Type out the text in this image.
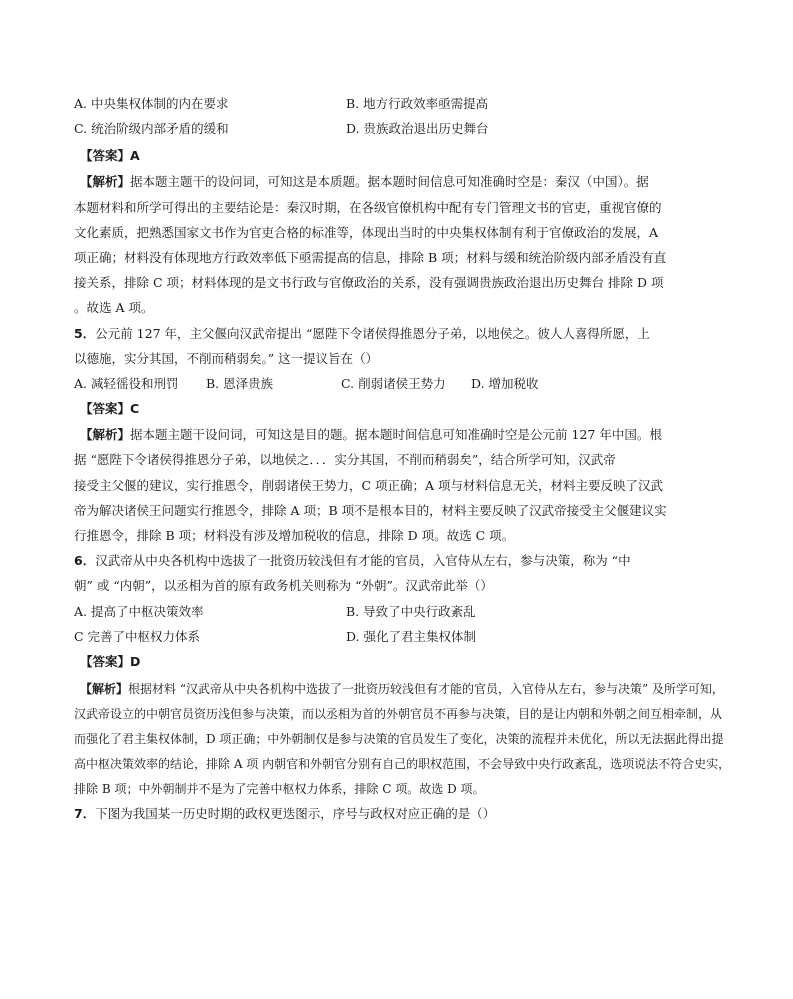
A. 中央集权体制的内在要求	B. 地方行政效率亟需提高
C. 统治阶级内部矛盾的缓和	D. 贵族政治退出历史舞台
【答案】A
【解析】据本题主题干的设问词，可知这是本质题。据本题时间信息可知准确时空是：秦汉（中国）。据
本题材料和所学可得出的主要结论是：秦汉时期，在各级官僚机构中配有专门管理文书的官吏，重视官僚的
文化素质，把熟悉国家文书作为官吏合格的标准等，体现出当时的中央集权体制有利于官僚政治的发展，A
项正确；材料没有体现地方行政效率低下亟需提高的信息，排除 B 项；材料与缓和统治阶级内部矛盾没有直
接关系，排除 C 项；材料体现的是文书行政与官僚政治的关系，没有强调贵族政治退出历史舞台 排除 D 项
。故选 A 项。
5．公元前 127 年，主父偃向汉武帝提出 “愿陛下令诸侯得推恩分子弟，以地侯之。彼人人喜得所愿，上
以德施，实分其国，不削而稍弱矣。” 这一提议旨在（）
A. 减轻徭役和刑罚 B. 恩泽贵族	C. 削弱诸侯王势力 D. 增加税收
【答案】C
【解析】据本题主题干设问词，可知这是目的题。据本题时间信息可知准确时空是公元前 127 年中国。根
据 “愿陛下令诸侯得推恩分子弟，以地侯之．．．实分其国，不削而稍弱矣”，结合所学可知，汉武帝
接受主父偃的建议，实行推恩令，削弱诸侯王势力，C 项正确；A 项与材料信息无关，材料主要反映了汉武
帝为解决诸侯王问题实行推恩令，排除 A 项；B 项不是根本目的，材料主要反映了汉武帝接受主父偃建议实
行推恩令，排除 B 项；材料没有涉及增加税收的信息，排除 D 项。故选 C 项。
6．汉武帝从中央各机构中选拔了一批资历较浅但有才能的官员，入官侍从左右，参与决策，称为 “中
朝” 或 “内朝”，以丞相为首的原有政务机关则称为 “外朝”。汉武帝此举（）
A. 提高了中枢决策效率	B. 导致了中央行政紊乱
C 完善了中枢权力体系	D. 强化了君主集权体制
【答案】D
【解析】根据材料 “汉武帝从中央各机构中选拔了一批资历较浅但有才能的官员，入官侍从左右，参与决策” 及所学可知，
汉武帝设立的中朝官员资历浅但参与决策，而以丞相为首的外朝官员不再参与决策，目的是让内朝和外朝之间互相牵制，从
而强化了君主集权体制，D 项正确；中外朝制仅是参与决策的官员发生了变化，决策的流程并未优化，所以无法据此得出提
高中枢决策效率的结论，排除 A 项 内朝官和外朝官分别有自己的职权范围，不会导致中央行政紊乱，选项说法不符合史实，
排除 B 项；中外朝制并不是为了完善中枢权力体系，排除 C 项。故选 D 项。
7．下图为我国某一历史时期的政权更迭图示，序号与政权对应正确的是（）
